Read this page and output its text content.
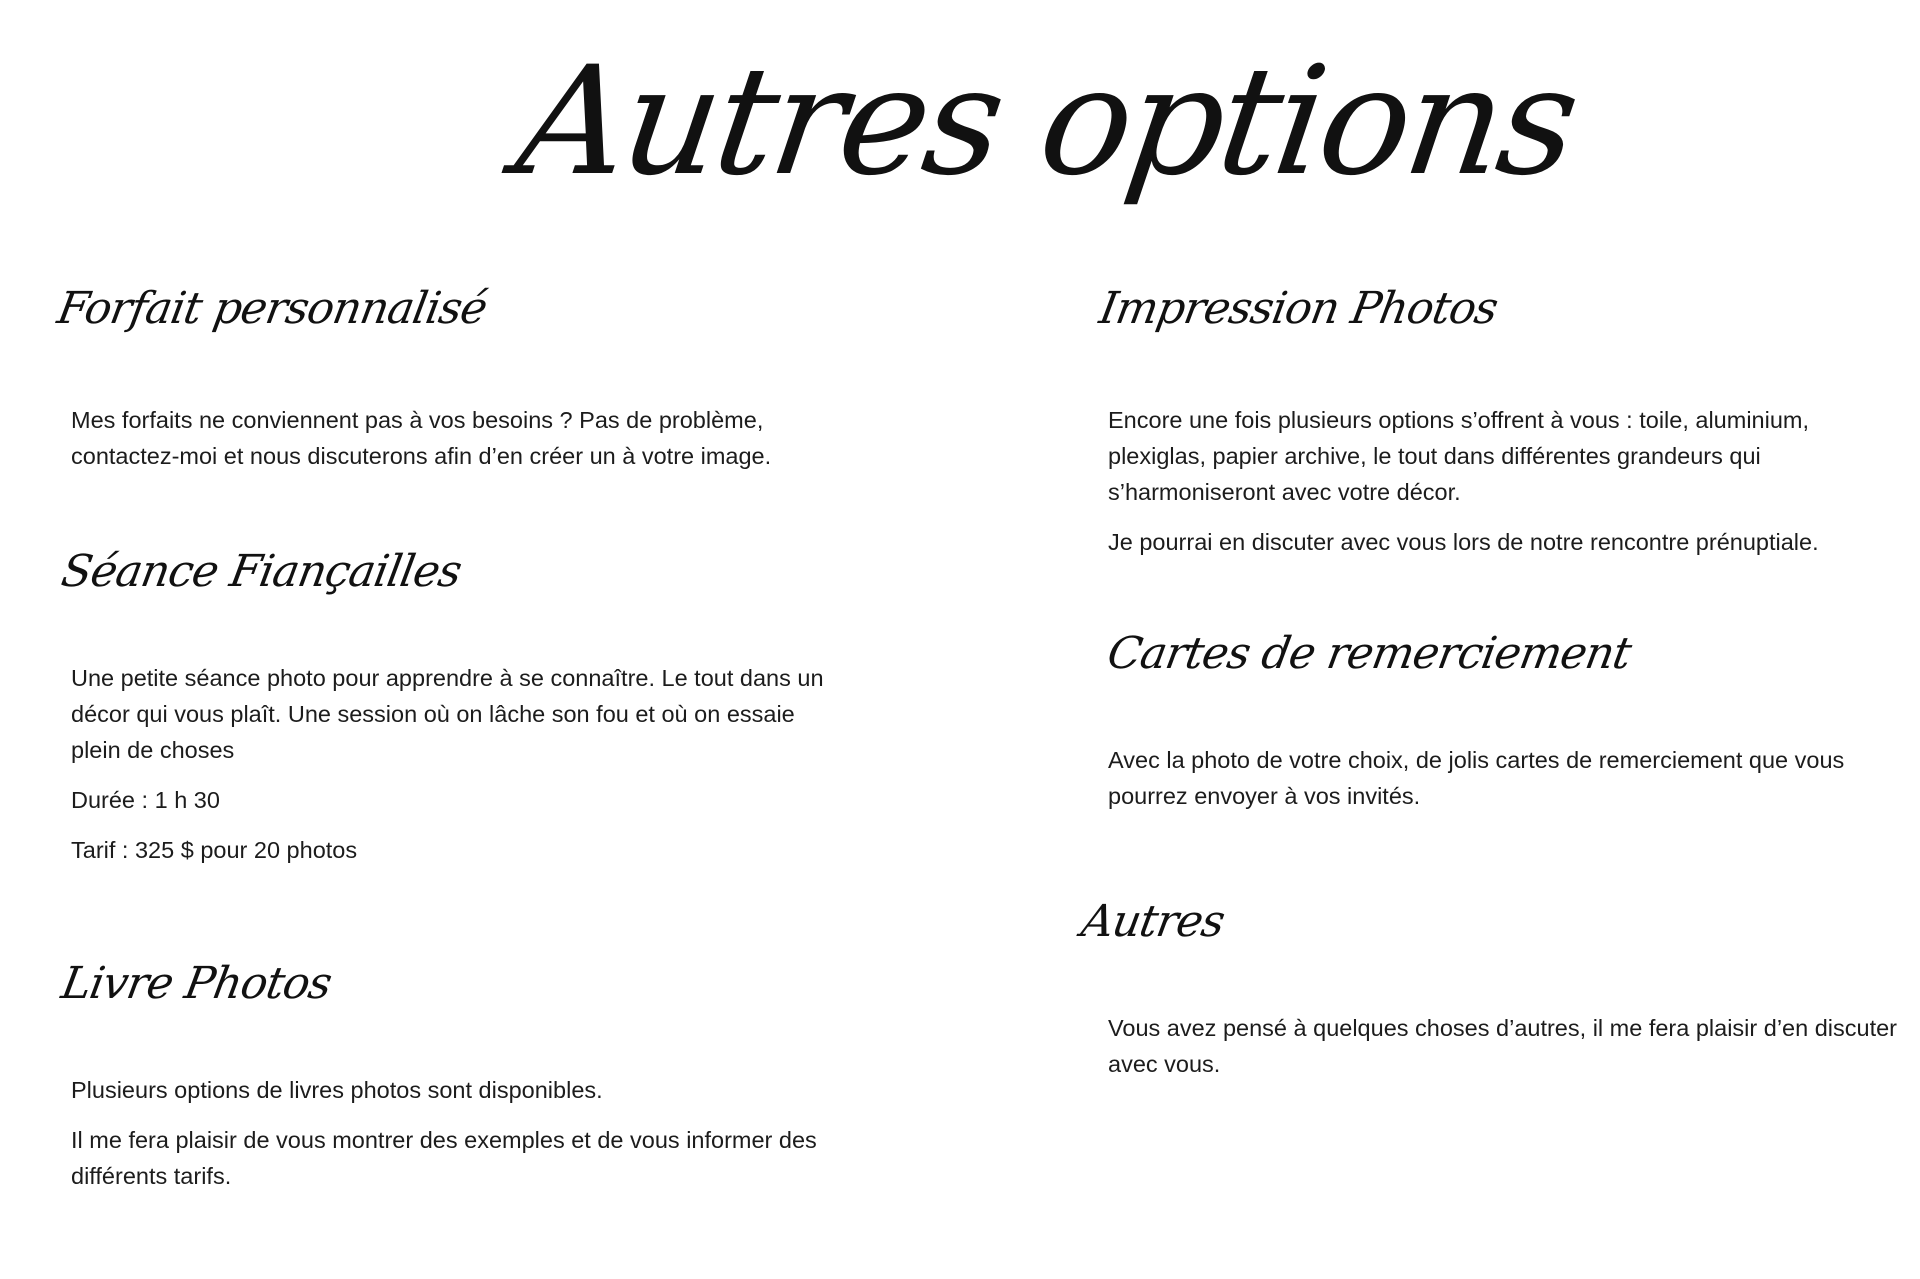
Autres options
Forfait personnalisé

Mes forfaits ne conviennent pas à vos besoins ? Pas de problème, contactez-moi et nous discuterons afin d’en créer un à votre image.

Séance Fiançailles

Une petite séance photo pour apprendre à se connaître. Le tout dans un décor qui vous plaît. Une session où on lâche son fou et où on essaie plein de choses

Durée : 1 h 30

Tarif : 325 $ pour 20 photos

Livre Photos

Plusieurs options de livres photos sont disponibles.

Il me fera plaisir de vous montrer des exemples et de vous informer des différents tarifs.

Impression Photos

Encore une fois plusieurs options s’offrent à vous : toile, aluminium, plexiglas, papier archive, le tout dans différentes grandeurs qui s’harmoniseront avec votre décor.

Je pourrai en discuter avec vous lors de notre rencontre prénuptiale.

Cartes de remerciement

Avec la photo de votre choix, de jolis cartes de remerciement que vous pourrez envoyer à vos invités.

Autres

Vous avez pensé à quelques choses d’autres, il me fera plaisir d’en discuter avec vous.
